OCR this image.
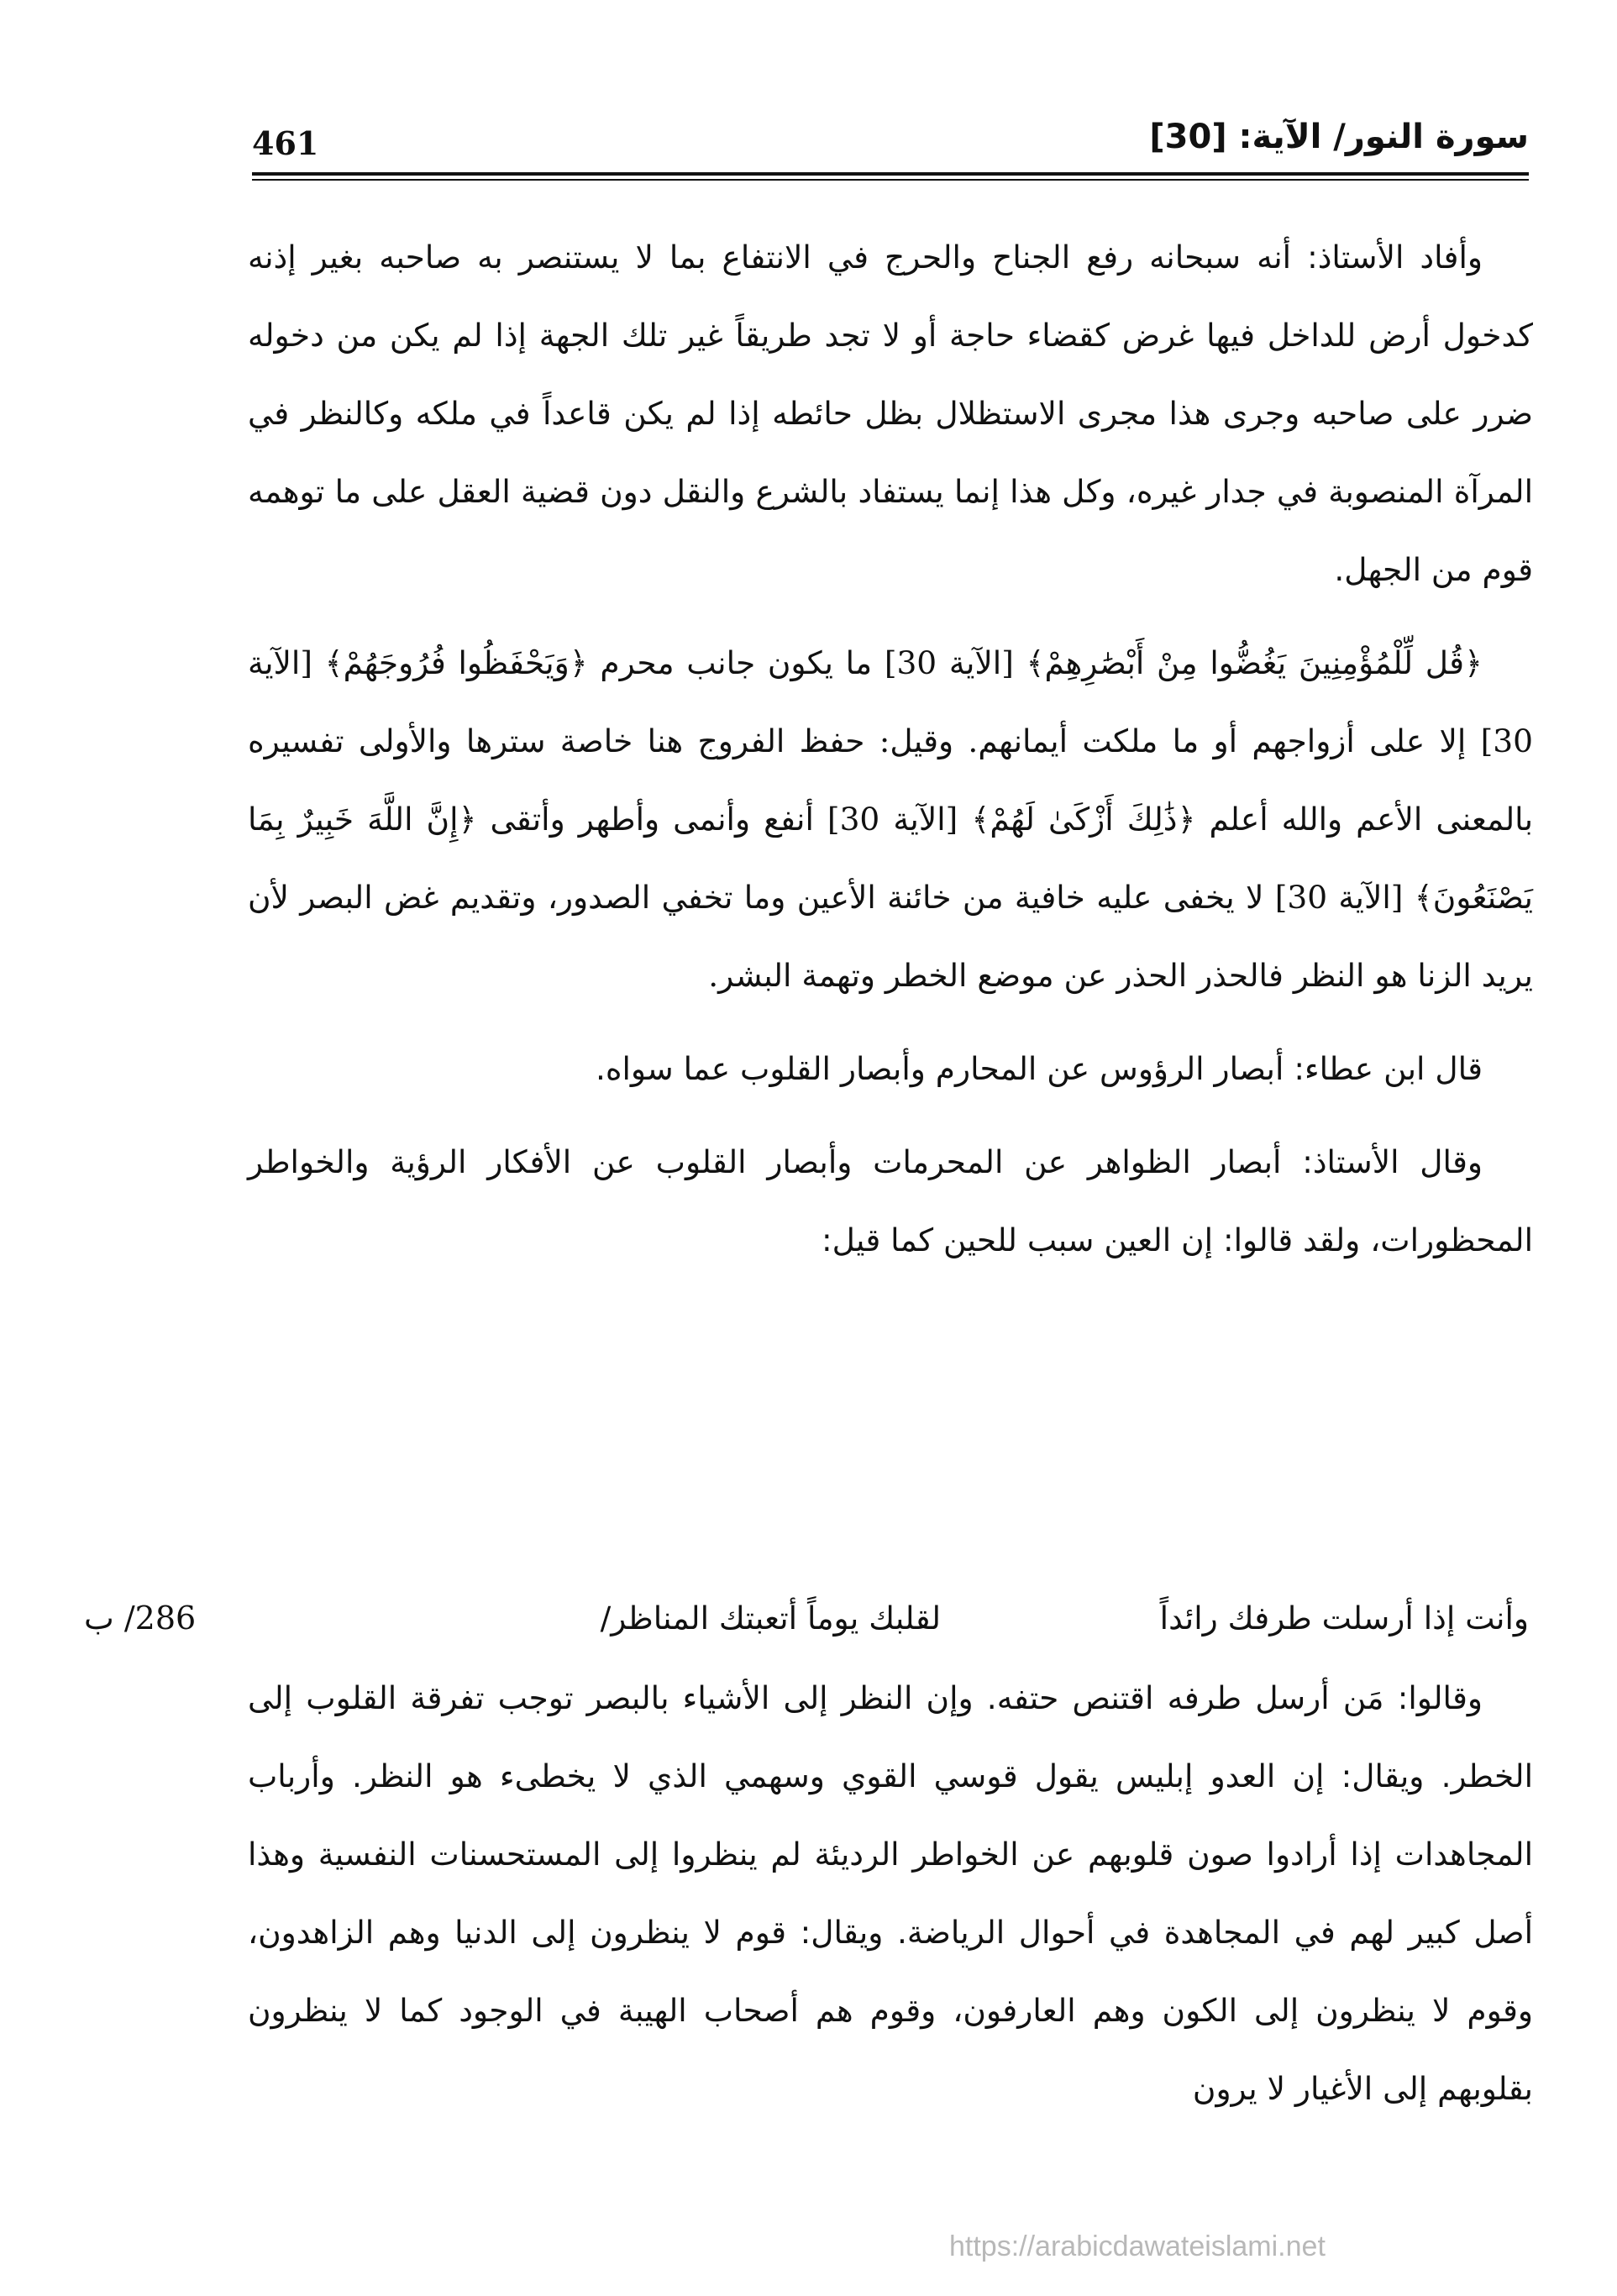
461	سورة النور/ الآية: [30]

وأفاد الأستاذ: أنه سبحانه رفع الجناح والحرج في الانتفاع بما لا يستنصر به صاحبه بغير إذنه كدخول أرض للداخل فيها غرض كقضاء حاجة أو لا تجد طريقاً غير تلك الجهة إذا لم يكن من دخوله ضرر على صاحبه وجرى هذا مجرى الاستظلال بظل حائطه إذا لم يكن قاعداً في ملكه وكالنظر في المرآة المنصوبة في جدار غيره، وكل هذا إنما يستفاد بالشرع والنقل دون قضية العقل على ما توهمه قوم من الجهل.

﴿قُل لِّلْمُؤْمِنِينَ يَغُضُّوا مِنْ أَبْصَٰرِهِمْ﴾ [الآية 30] ما يكون جانب محرم ﴿وَيَحْفَظُوا فُرُوجَهُمْ﴾ [الآية 30] إلا على أزواجهم أو ما ملكت أيمانهم. وقيل: حفظ الفروج هنا خاصة سترها والأولى تفسيره بالمعنى الأعم والله أعلم ﴿ذَٰلِكَ أَزْكَىٰ لَهُمْ﴾ [الآية 30] أنفع وأنمى وأطهر وأتقى ﴿إِنَّ اللَّهَ خَبِيرٌ بِمَا يَصْنَعُونَ﴾ [الآية 30] لا يخفى عليه خافية من خائنة الأعين وما تخفي الصدور، وتقديم غض البصر لأن يريد الزنا هو النظر فالحذر الحذر عن موضع الخطر وتهمة البشر.

قال ابن عطاء: أبصار الرؤوس عن المحارم وأبصار القلوب عما سواه.

وقال الأستاذ: أبصار الظواهر عن المحرمات وأبصار القلوب عن الأفكار الرؤية والخواطر المحظورات، ولقد قالوا: إن العين سبب للحين كما قيل:

وأنت إذا أرسلت طرفك رائداً
لقلبك يوماً أتعبتك المناظر/
286/ ب

وقالوا: مَن أرسل طرفه اقتنص حتفه. وإن النظر إلى الأشياء بالبصر توجب تفرقة القلوب إلى الخطر. ويقال: إن العدو إبليس يقول قوسي القوي وسهمي الذي لا يخطىء هو النظر. وأرباب المجاهدات إذا أرادوا صون قلوبهم عن الخواطر الرديئة لم ينظروا إلى المستحسنات النفسية وهذا أصل كبير لهم في المجاهدة في أحوال الرياضة. ويقال: قوم لا ينظرون إلى الدنيا وهم الزاهدون، وقوم لا ينظرون إلى الكون وهم العارفون، وقوم هم أصحاب الهيبة في الوجود كما لا ينظرون بقلوبهم إلى الأغيار لا يرون

https://arabicdawateislami.net
